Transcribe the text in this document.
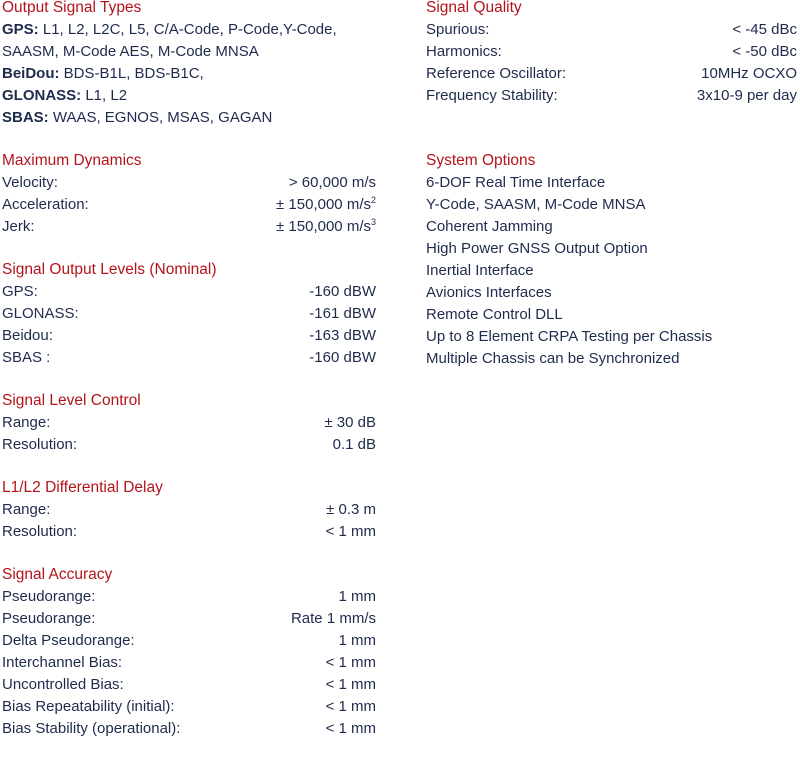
Output Signal Types
GPS: L1, L2, L2C, L5, C/A-Code, P-Code,Y-Code,
SAASM, M-Code AES, M-Code MNSA
BeiDou: BDS-B1L, BDS-B1C,
GLONASS: L1, L2
SBAS: WAAS, EGNOS, MSAS, GAGAN
Maximum Dynamics
Velocity:	> 60,000 m/s
Acceleration:	± 150,000 $m/s^2$
Jerk:	± 150,000 $m/s^3$
Signal Output Levels (Nominal)
GPS:	-160 dBW
GLONASS:	-161 dBW
Beidou:	-163 dBW
SBAS :	-160 dBW
Signal Level Control
Range:	± 30 dB
Resolution:	0.1 dB
L1/L2 Differential Delay
Range:	± 0.3 m
Resolution:	< 1 mm
Signal Accuracy
Pseudorange:	1 mm
Pseudorange:	Rate 1 mm/s
Delta Pseudorange:	1 mm
Interchannel Bias:	< 1 mm
Uncontrolled Bias:	< 1 mm
Bias Repeatability (initial):	< 1 mm
Bias Stability (operational):	< 1 mm
Signal Quality
Spurious:	< -45 dBc
Harmonics:	< -50 dBc
Reference Oscillator:	10MHz OCXO
Frequency Stability:	3x10-9 per day
System Options
6-DOF Real Time Interface
Y-Code, SAASM, M-Code MNSA
Coherent Jamming
High Power GNSS Output Option
Inertial Interface
Avionics Interfaces
Remote Control DLL
Up to 8 Element CRPA Testing per Chassis
Multiple Chassis can be Synchronized
